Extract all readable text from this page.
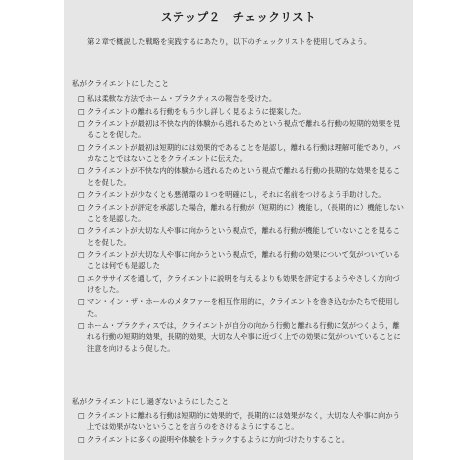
ステップ２　チェックリスト
第２章で概説した戦略を実践するにあたり，以下のチェックリストを使用してみよう。
私がクライエントにしたこと
□ 私は柔軟な方法でホーム・プラクティスの報告を受けた。
□ クライエントの離れる行動をもう少し詳しく見るように提案した。
□ クライエントが最初は不快な内的体験から逃れるためという視点で離れる行動の短期的効果を見ることを促した。
□ クライエントが最初は短期的には効果的であることを是認し，離れる行動は理解可能であり，バカなことではないことをクライエントに伝えた。
□ クライエントが不快な内的体験から逃れるためという視点で離れる行動の長期的な効果を見ることを促した。
□ クライエントが少なくとも悪循環の１つを明確にし，それに名前をつけるよう手助けした。
□ クライエントが評定を承認した場合，離れる行動が（短期的に）機能し，（長期的に）機能しないことを是認した。
□ クライエントが大切な人や事に向かうという視点で，離れる行動が機能していないことを見ることを促した。
□ クライエントが大切な人や事に向かうという視点で，離れる行動の効果について気がついていることは何でも是認した
□ エクササイズを通して，クライエントに説明を与えるよりも効果を評定するようやさしく方向づけをした。
□ マン・イン・ザ・ホールのメタファーを相互作用的に，クライエントを巻き込むかたちで使用した。
□ ホーム・プラクティスでは，クライエントが自分の向かう行動と離れる行動に気がつくよう，離れる行動の短期的効果，長期的効果，大切な人や事に近づく上での効果に気がついていることに注意を向けるよう促した。
私がクライエントにし過ぎないようにしたこと
□ クライエントに離れる行動は短期的に効果的で，長期的には効果がなく，大切な人や事に向かう上では効果がないということを言うのをさけるようにすること。
□ クライエントに多くの説明や体験をトラックするように方向づけたりすること。
